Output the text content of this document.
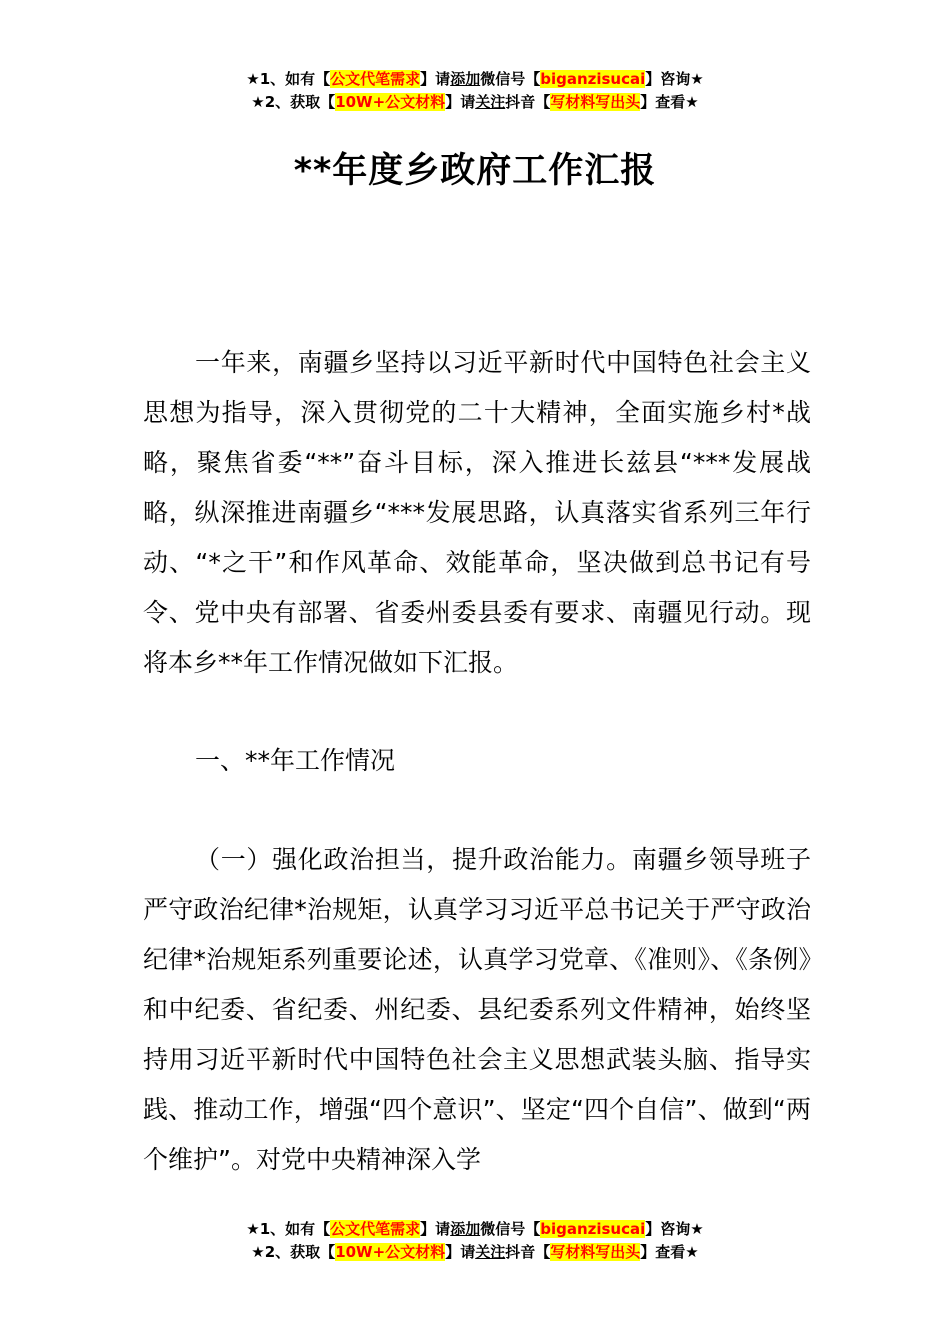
★1、如有【公文代笔需求】请添加微信号【biganzisucai】咨询★
★2、获取【10W+公文材料】请关注抖音【写材料写出头】查看★
**年度乡政府工作汇报

一年来，南疆乡坚持以习近平新时代中国特色社会主义思想为指导，深入贯彻党的二十大精神，全面实施乡村*战略，聚焦省委“**”奋斗目标，深入推进长兹县“***发展战略，纵深推进南疆乡“***发展思路，认真落实省系列三年行动、“*之干”和作风革命、效能革命，坚决做到总书记有号令、党中央有部署、省委州委县委有要求、南疆见行动。现将本乡**年工作情况做如下汇报。

一、**年工作情况

（一）强化政治担当，提升政治能力。南疆乡领导班子严守政治纪律*治规矩，认真学习习近平总书记关于严守政治纪律*治规矩系列重要论述，认真学习党章、《准则》、《条例》和中纪委、省纪委、州纪委、县纪委系列文件精神，始终坚持用习近平新时代中国特色社会主义思想武装头脑、指导实践、推动工作，增强“四个意识”、坚定“四个自信”、做到“两个维护”。对党中央精神深入学

★1、如有【公文代笔需求】请添加微信号【biganzisucai】咨询★
★2、获取【10W+公文材料】请关注抖音【写材料写出头】查看★
